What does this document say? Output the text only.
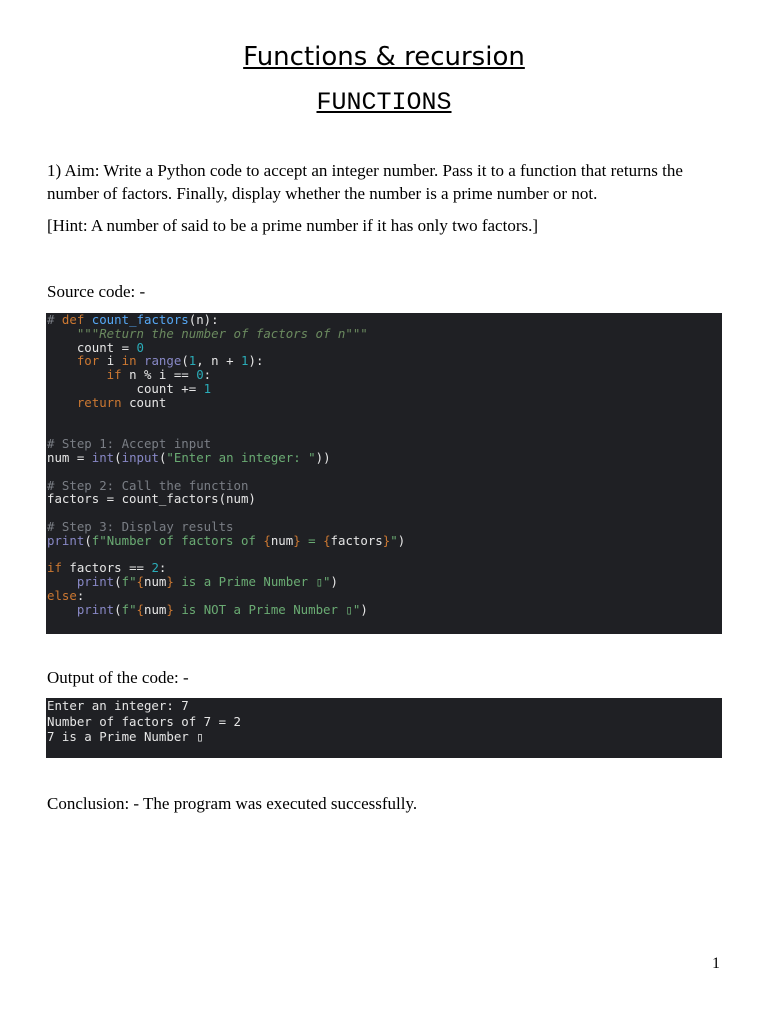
Functions & recursion
FUNCTIONS

1) Aim: Write a Python code to accept an integer number. Pass it to a function that returns the number of factors. Finally, display whether the number is a prime number or not.

[Hint: A number of said to be a prime number if it has only two factors.]

Source code: -

# def count_factors(n):
"""Return the number of factors of n"""
count = 0
for i in range(1, n + 1):
if n % i == 0:
count += 1
return count
# Step 1: Accept input
num = int(input("Enter an integer: "))
# Step 2: Call the function
factors = count_factors(num)
# Step 3: Display results
print(f"Number of factors of {num} = {factors}")
if factors == 2:
print(f"{num} is a Prime Number ▯")
else:
print(f"{num} is NOT a Prime Number ▯")

Output of the code: -

Enter an integer: 7
Number of factors of 7 = 2
7 is a Prime Number ▯

Conclusion: - The program was executed successfully.

1
